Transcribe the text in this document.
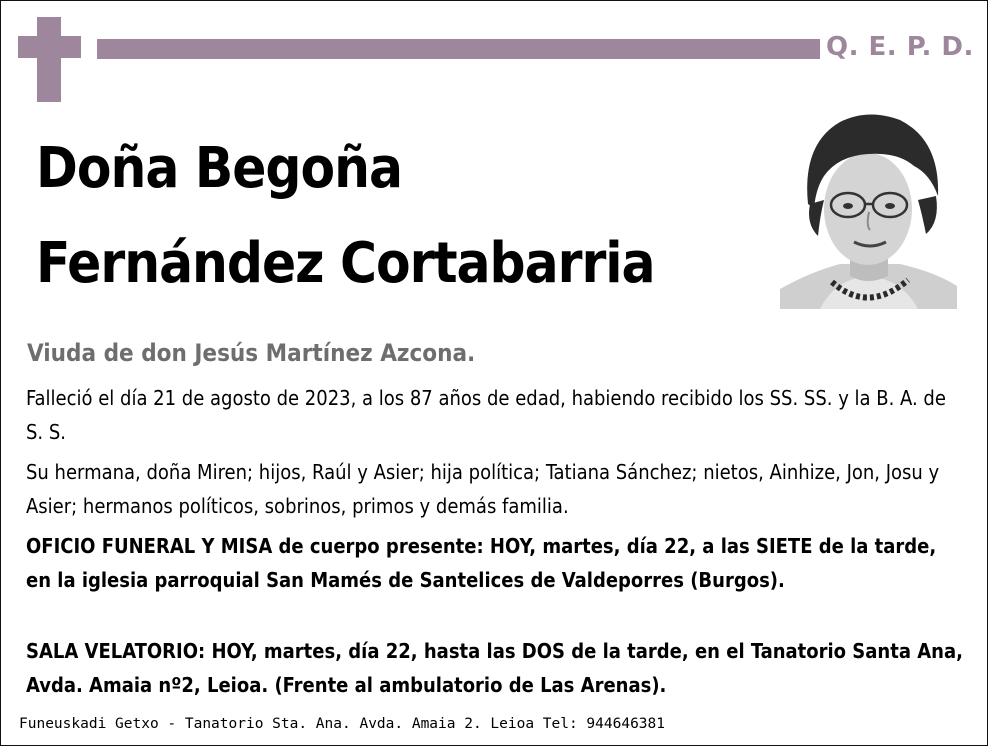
Q. E. P. D.
Doña Begoña
Fernández Cortabarria
Viuda de don Jesús Martínez Azcona.

Falleció el día 21 de agosto de 2023, a los 87 años de edad, habiendo recibido los SS. SS. y la B. A. de S. S.

Su hermana, doña Miren; hijos, Raúl y Asier; hija política; Tatiana Sánchez; nietos, Ainhize, Jon, Josu y Asier; hermanos políticos, sobrinos, primos y demás familia.

OFICIO FUNERAL Y MISA de cuerpo presente: HOY, martes, día 22, a las SIETE de la tarde, en la iglesia parroquial San Mamés de Santelices de Valdeporres (Burgos).

SALA VELATORIO: HOY, martes, día 22, hasta las DOS de la tarde, en el Tanatorio Santa Ana, Avda. Amaia nº2, Leioa. (Frente al ambulatorio de Las Arenas).

Funeuskadi Getxo - Tanatorio Sta. Ana. Avda. Amaia 2. Leioa Tel: 944646381
